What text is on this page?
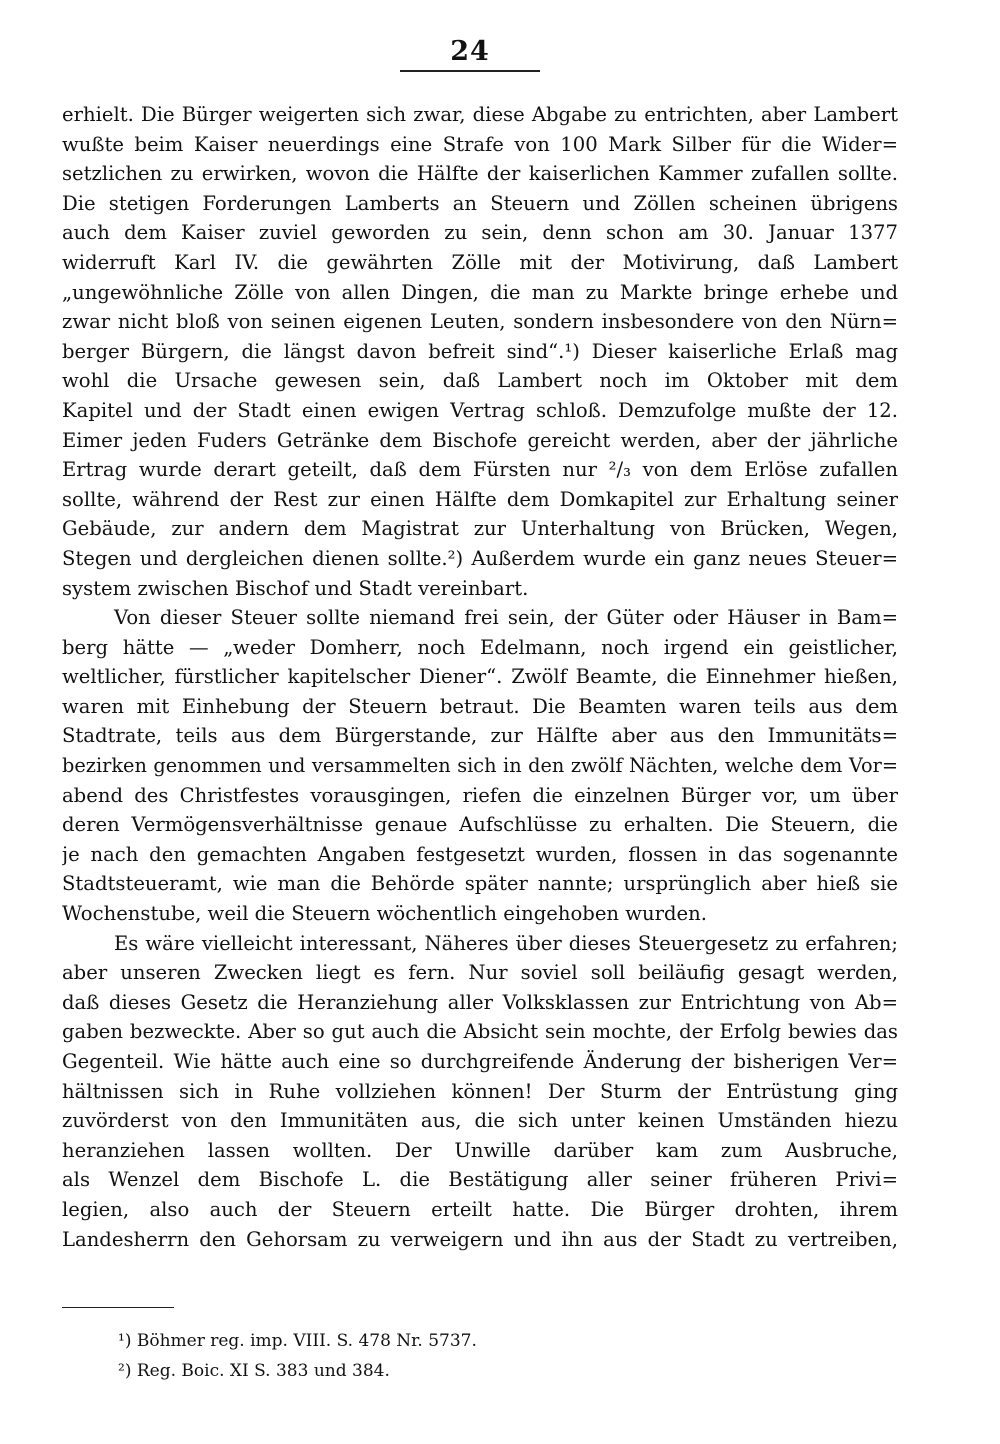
24
erhielt. Die Bürger weigerten sich zwar, diese Abgabe zu entrichten, aber Lambert
wußte beim Kaiser neuerdings eine Strafe von 100 Mark Silber für die Wider=
setzlichen zu erwirken, wovon die Hälfte der kaiserlichen Kammer zufallen sollte.
Die stetigen Forderungen Lamberts an Steuern und Zöllen scheinen übrigens
auch dem Kaiser zuviel geworden zu sein, denn schon am 30. Januar 1377
widerruft Karl IV. die gewährten Zölle mit der Motivirung, daß Lambert
„ungewöhnliche Zölle von allen Dingen, die man zu Markte bringe erhebe und
zwar nicht bloß von seinen eigenen Leuten, sondern insbesondere von den Nürn=
berger Bürgern, die längst davon befreit sind“.¹) Dieser kaiserliche Erlaß mag
wohl die Ursache gewesen sein, daß Lambert noch im Oktober mit dem
Kapitel und der Stadt einen ewigen Vertrag schloß. Demzufolge mußte der 12.
Eimer jeden Fuders Getränke dem Bischofe gereicht werden, aber der jährliche
Ertrag wurde derart geteilt, daß dem Fürsten nur ²/₃ von dem Erlöse zufallen
sollte, während der Rest zur einen Hälfte dem Domkapitel zur Erhaltung seiner
Gebäude, zur andern dem Magistrat zur Unterhaltung von Brücken, Wegen,
Stegen und dergleichen dienen sollte.²) Außerdem wurde ein ganz neues Steuer=
system zwischen Bischof und Stadt vereinbart.
Von dieser Steuer sollte niemand frei sein, der Güter oder Häuser in Bam=
berg hätte — „weder Domherr, noch Edelmann, noch irgend ein geistlicher,
weltlicher, fürstlicher kapitelscher Diener“. Zwölf Beamte, die Einnehmer hießen,
waren mit Einhebung der Steuern betraut. Die Beamten waren teils aus dem
Stadtrate, teils aus dem Bürgerstande, zur Hälfte aber aus den Immunitäts=
bezirken genommen und versammelten sich in den zwölf Nächten, welche dem Vor=
abend des Christfestes vorausgingen, riefen die einzelnen Bürger vor, um über
deren Vermögensverhältnisse genaue Aufschlüsse zu erhalten. Die Steuern, die
je nach den gemachten Angaben festgesetzt wurden, flossen in das sogenannte
Stadtsteueramt, wie man die Behörde später nannte; ursprünglich aber hieß sie
Wochenstube, weil die Steuern wöchentlich eingehoben wurden.
Es wäre vielleicht interessant, Näheres über dieses Steuergesetz zu erfahren;
aber unseren Zwecken liegt es fern. Nur soviel soll beiläufig gesagt werden,
daß dieses Gesetz die Heranziehung aller Volksklassen zur Entrichtung von Ab=
gaben bezweckte. Aber so gut auch die Absicht sein mochte, der Erfolg bewies das
Gegenteil. Wie hätte auch eine so durchgreifende Änderung der bisherigen Ver=
hältnissen sich in Ruhe vollziehen können! Der Sturm der Entrüstung ging
zuvörderst von den Immunitäten aus, die sich unter keinen Umständen hiezu
heranziehen lassen wollten. Der Unwille darüber kam zum Ausbruche,
als Wenzel dem Bischofe L. die Bestätigung aller seiner früheren Privi=
legien, also auch der Steuern erteilt hatte. Die Bürger drohten, ihrem
Landesherrn den Gehorsam zu verweigern und ihn aus der Stadt zu vertreiben,
¹) Böhmer reg. imp. VIII. S. 478 Nr. 5737.
²) Reg. Boic. XI S. 383 und 384.
